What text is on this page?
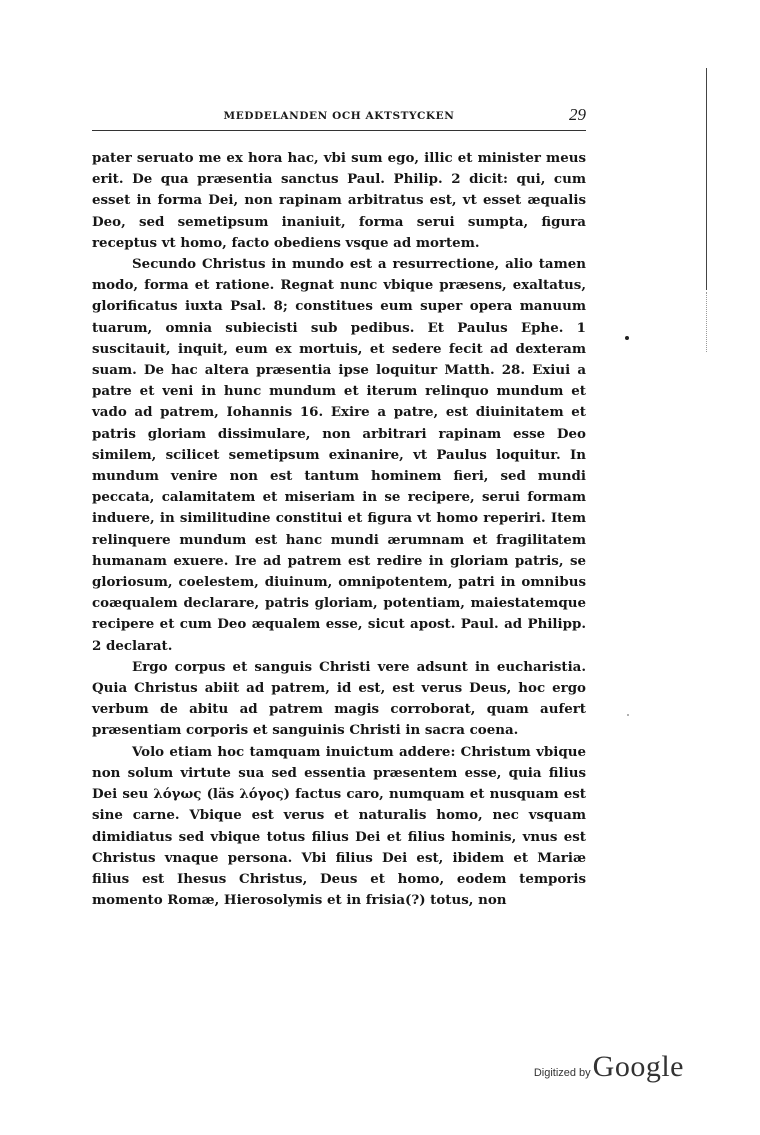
MEDDELANDEN OCH AKTSTYCKEN	29

pater seruato me ex hora hac, vbi sum ego, illic et minister meus erit. De qua præsentia sanctus Paul. Philip. 2 dicit: qui, cum esset in forma Dei, non rapinam arbitratus est, vt esset æqualis Deo, sed semetipsum inaniuit, forma serui sumpta, figura receptus vt homo, facto obediens vsque ad mortem.

Secundo Christus in mundo est a resurrectione, alio tamen modo, forma et ratione. Regnat nunc vbique præsens, exaltatus, glorificatus iuxta Psal. 8; constitues eum super opera manuum tuarum, omnia subiecisti sub pedibus. Et Paulus Ephe. 1 suscitauit, inquit, eum ex mortuis, et sedere fecit ad dexteram suam. De hac altera præsentia ipse loquitur Matth. 28. Exiui a patre et veni in hunc mundum et iterum relinquo mundum et vado ad patrem, Iohannis 16. Exire a patre, est diuinitatem et patris gloriam dissimulare, non arbitrari rapinam esse Deo similem, scilicet semetipsum exinanire, vt Paulus loquitur. In mundum venire non est tantum hominem fieri, sed mundi peccata, calamitatem et miseriam in se recipere, serui formam induere, in similitudine constitui et figura vt homo reperiri. Item relinquere mundum est hanc mundi ærumnam et fragilitatem humanam exuere. Ire ad patrem est redire in gloriam patris, se gloriosum, coelestem, diuinum, omnipotentem, patri in omnibus coæqualem declarare, patris gloriam, potentiam, maiestatemque recipere et cum Deo æqualem esse, sicut apost. Paul. ad Philipp. 2 declarat.

Ergo corpus et sanguis Christi vere adsunt in eucharistia. Quia Christus abiit ad patrem, id est, est verus Deus, hoc ergo verbum de abitu ad patrem magis corroborat, quam aufert præsentiam corporis et sanguinis Christi in sacra coena.

Volo etiam hoc tamquam inuictum addere: Christum vbique non solum virtute sua sed essentia præsentem esse, quia filius Dei seu λόγως (läs λόγος) factus caro, numquam et nusquam est sine carne. Vbique est verus et naturalis homo, nec vsquam dimidiatus sed vbique totus filius Dei et filius hominis, vnus est Christus vnaque persona. Vbi filius Dei est, ibidem et Mariæ filius est Ihesus Christus, Deus et homo, eodem temporis momento Romæ, Hierosolymis et in frisia(?) totus, non

Digitized by Google
